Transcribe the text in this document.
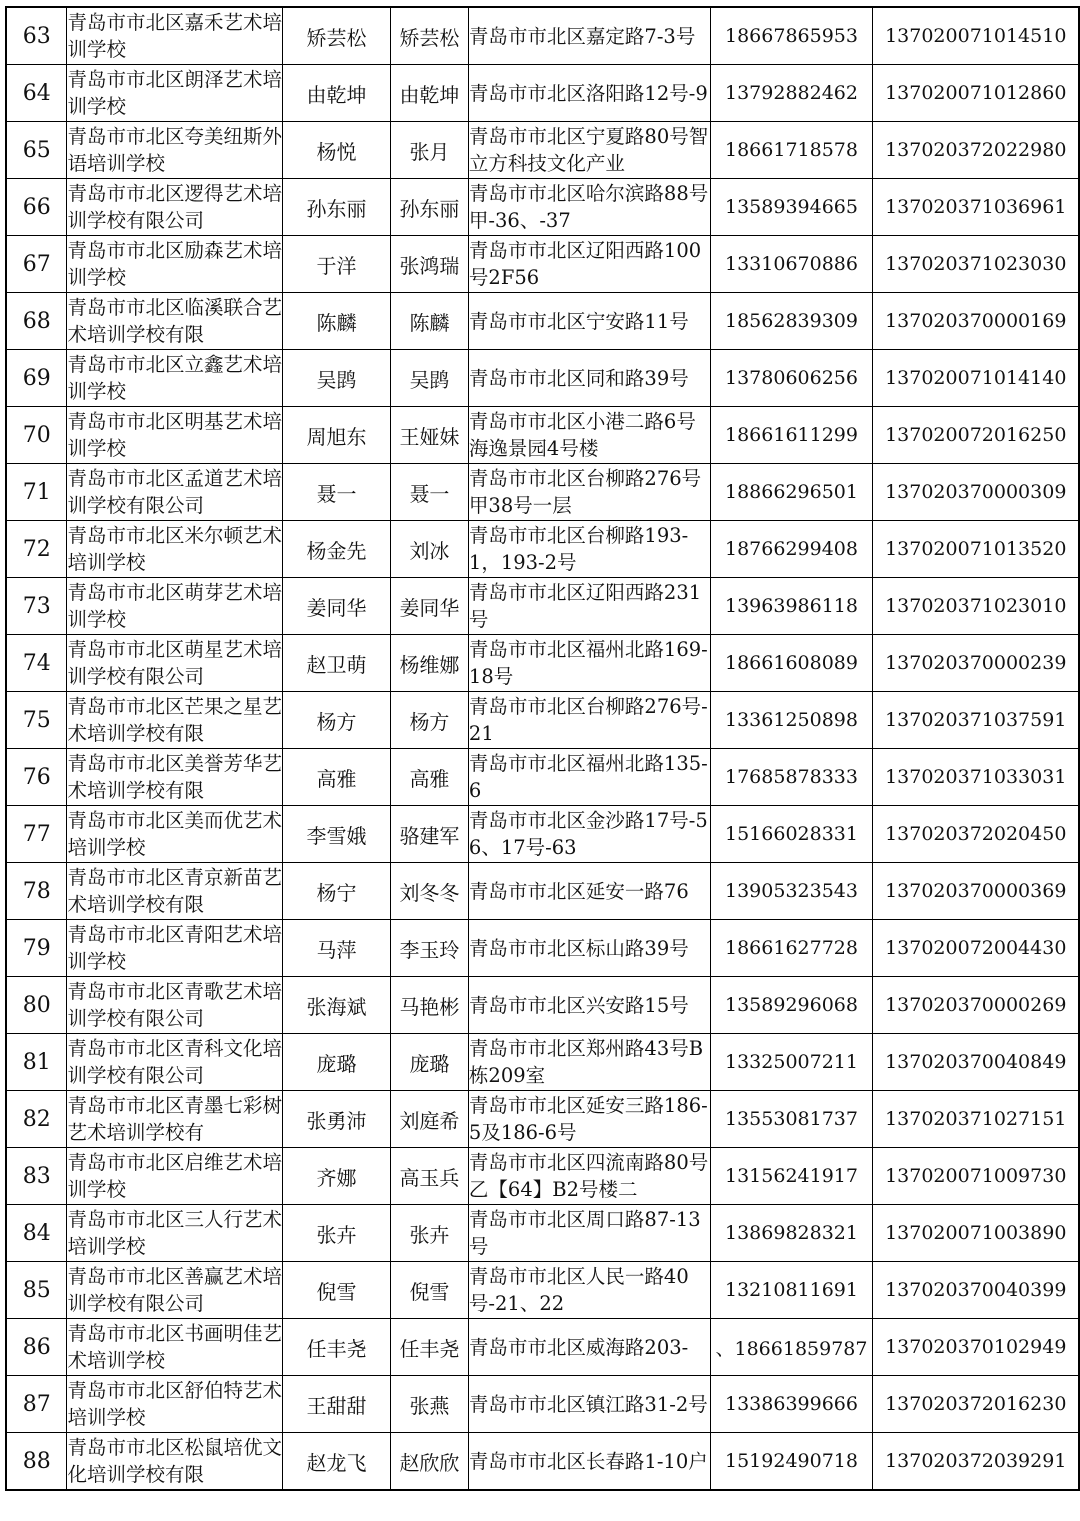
63	青岛市市北区嘉禾艺术培训学校	矫芸松	矫芸松	青岛市市北区嘉定路7-3号	18667865953	137020071014510
64	青岛市市北区朗泽艺术培训学校	由乾坤	由乾坤	青岛市市北区洛阳路12号-9	13792882462	137020071012860
65	青岛市市北区夸美纽斯外语培训学校	杨悦	张月	青岛市市北区宁夏路80号智立方科技文化产业	18661718578	137020372022980
66	青岛市市北区逻得艺术培训学校有限公司	孙东丽	孙东丽	青岛市市北区哈尔滨路88号甲-36、-37	13589394665	137020371036961
67	青岛市市北区励森艺术培训学校	于洋	张鸿瑞	青岛市市北区辽阳西路100号2F56	13310670886	137020371023030
68	青岛市市北区临溪联合艺术培训学校有限	陈麟	陈麟	青岛市市北区宁安路11号	18562839309	137020370000169
69	青岛市市北区立鑫艺术培训学校	吴鹍	吴鹍	青岛市市北区同和路39号	13780606256	137020071014140
70	青岛市市北区明基艺术培训学校	周旭东	王娅妹	青岛市市北区小港二路6号海逸景园4号楼	18661611299	137020072016250
71	青岛市市北区孟道艺术培训学校有限公司	聂一	聂一	青岛市市北区台柳路276号甲38号一层	18866296501	137020370000309
72	青岛市市北区米尔顿艺术培训学校	杨金先	刘冰	青岛市市北区台柳路193-1，193-2号	18766299408	137020071013520
73	青岛市市北区萌芽艺术培训学校	姜同华	姜同华	青岛市市北区辽阳西路231号	13963986118	137020371023010
74	青岛市市北区萌星艺术培训学校有限公司	赵卫萌	杨维娜	青岛市市北区福州北路169-18号	18661608089	137020370000239
75	青岛市市北区芒果之星艺术培训学校有限	杨方	杨方	青岛市市北区台柳路276号-21	13361250898	137020371037591
76	青岛市市北区美誉芳华艺术培训学校有限	高雅	高雅	青岛市市北区福州北路135-6	17685878333	137020371033031
77	青岛市市北区美而优艺术培训学校	李雪娥	骆建军	青岛市市北区金沙路17号-56、17号-63	15166028331	137020372020450
78	青岛市市北区青京新苗艺术培训学校有限	杨宁	刘冬冬	青岛市市北区延安一路76	13905323543	137020370000369
79	青岛市市北区青阳艺术培训学校	马萍	李玉玲	青岛市市北区标山路39号	18661627728	137020072004430
80	青岛市市北区青歌艺术培训学校有限公司	张海斌	马艳彬	青岛市市北区兴安路15号	13589296068	137020370000269
81	青岛市市北区青科文化培训学校有限公司	庞璐	庞璐	青岛市市北区郑州路43号B栋209室	13325007211	137020370040849
82	青岛市市北区青墨七彩树艺术培训学校有	张勇沛	刘庭希	青岛市市北区延安三路186-5及186-6号	13553081737	137020371027151
83	青岛市市北区启维艺术培训学校	齐娜	高玉兵	青岛市市北区四流南路80号乙【64】B2号楼二	13156241917	137020071009730
84	青岛市市北区三人行艺术培训学校	张卉	张卉	青岛市市北区周口路87-13号	13869828321	137020071003890
85	青岛市市北区善赢艺术培训学校有限公司	倪雪	倪雪	青岛市市北区人民一路40号-21、22	13210811691	137020370040399
86	青岛市市北区书画明佳艺术培训学校	任丰尧	任丰尧	青岛市市北区威海路203-	、18661859787	137020370102949
87	青岛市市北区舒伯特艺术培训学校	王甜甜	张燕	青岛市市北区镇江路31-2号	13386399666	137020372016230
88	青岛市市北区松鼠培优文化培训学校有限	赵龙飞	赵欣欣	青岛市市北区长春路1-10户	15192490718	137020372039291
